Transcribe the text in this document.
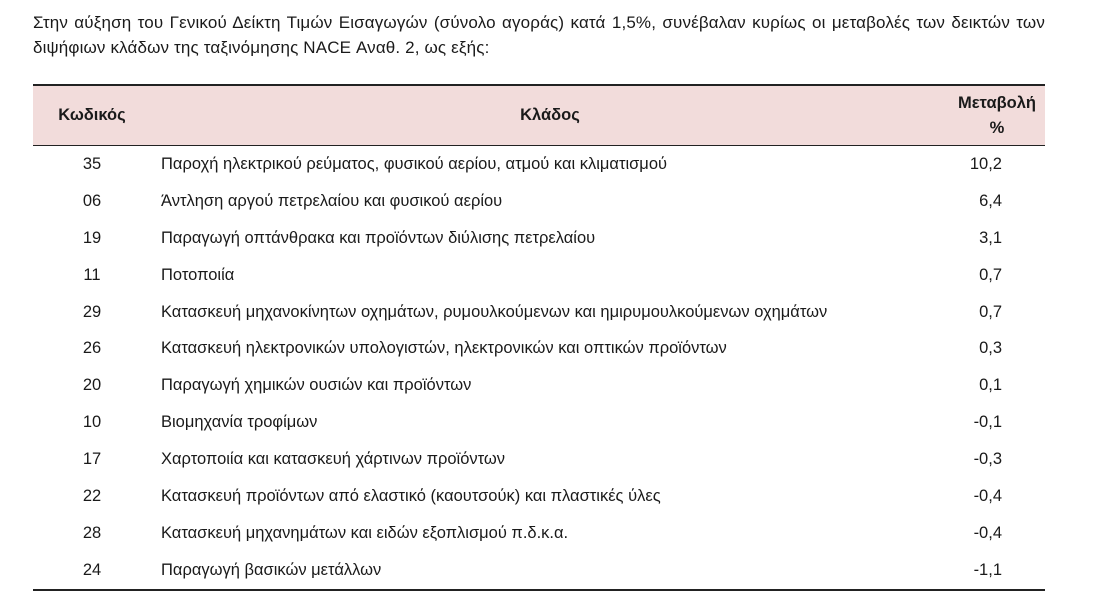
Στην αύξηση του Γενικού Δείκτη Τιμών Εισαγωγών (σύνολο αγοράς) κατά 1,5%, συνέβαλαν κυρίως οι μεταβολές των δεικτών των διψήφιων κλάδων της ταξινόμησης NACE Αναθ. 2, ως εξής:
Κωδικός	Κλάδος	Μεταβολή
%
35	Παροχή ηλεκτρικού ρεύματος, φυσικού αερίου, ατμού και κλιματισμού	10,2
06	Άντληση αργού πετρελαίου και φυσικού αερίου	6,4
19	Παραγωγή οπτάνθρακα και προϊόντων διύλισης πετρελαίου	3,1
11	Ποτοποιία	0,7
29	Κατασκευή μηχανοκίνητων οχημάτων, ρυμουλκούμενων και ημιρυμουλκούμενων οχημάτων	0,7
26	Κατασκευή ηλεκτρονικών υπολογιστών, ηλεκτρονικών και οπτικών προϊόντων	0,3
20	Παραγωγή χημικών ουσιών και προϊόντων	0,1
10	Βιομηχανία τροφίμων	-0,1
17	Χαρτοποιία και κατασκευή χάρτινων προϊόντων	-0,3
22	Κατασκευή προϊόντων από ελαστικό (καουτσούκ) και πλαστικές ύλες	-0,4
28	Κατασκευή μηχανημάτων και ειδών εξοπλισμού π.δ.κ.α.	-0,4
24	Παραγωγή βασικών μετάλλων	-1,1
